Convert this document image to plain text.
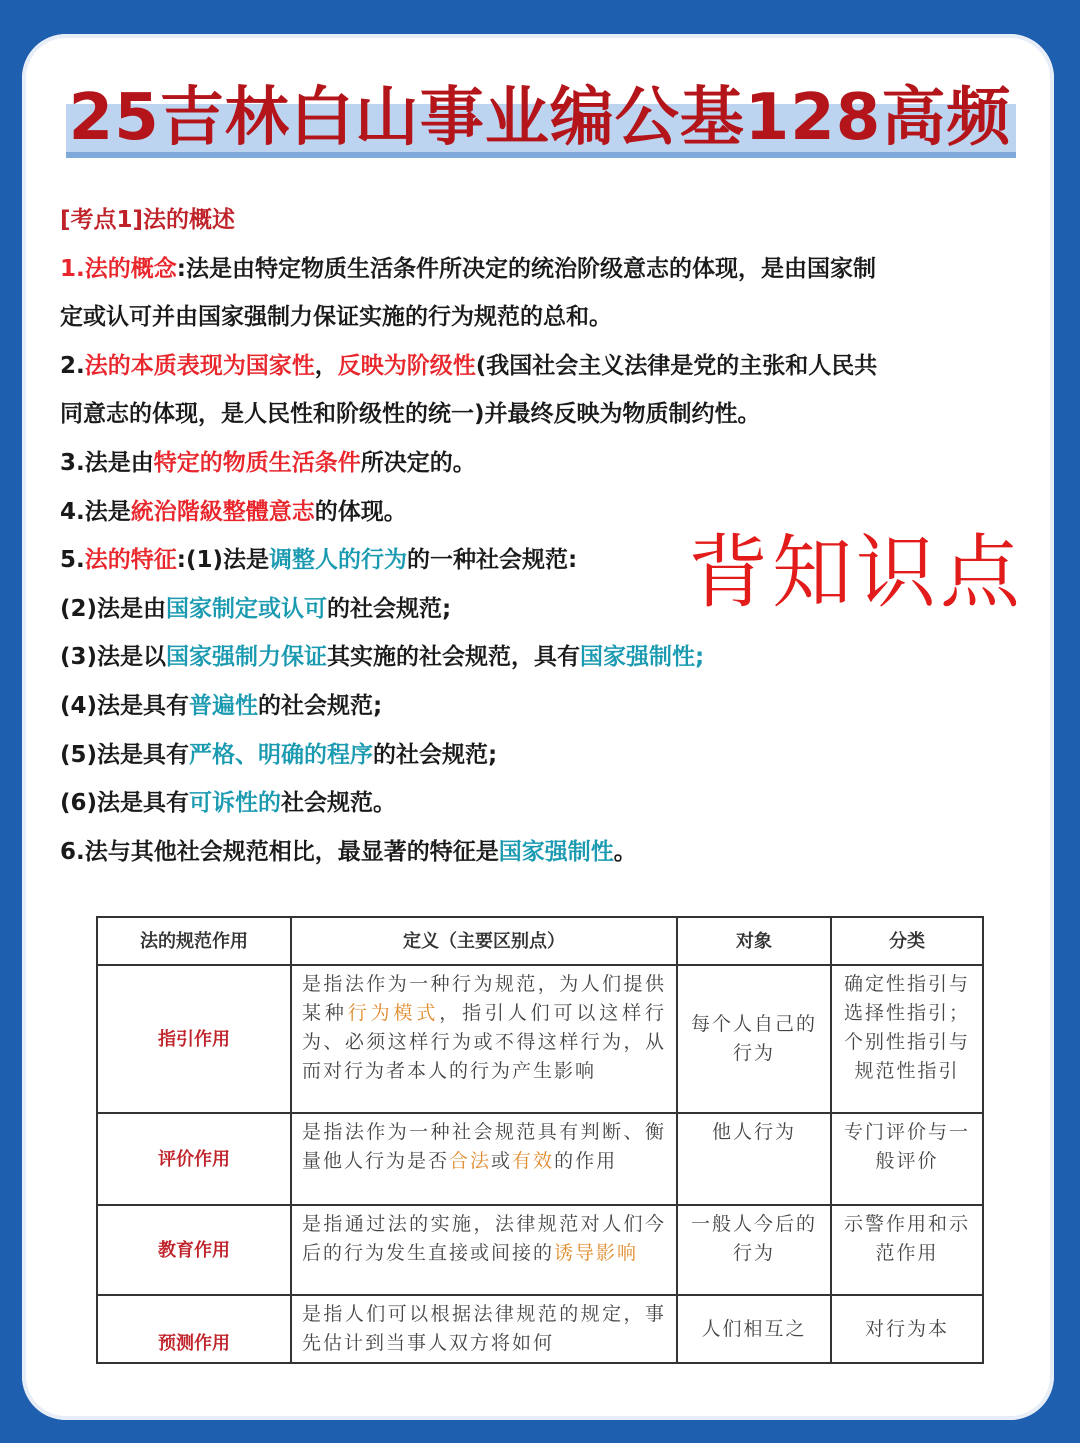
25吉林白山事业编公基128高频
[考点1]法的概述
1.法的概念:法是由特定物质生活条件所决定的统治阶级意志的体现，是由国家制
定或认可并由国家强制力保证实施的行为规范的总和。
2.法的本质表现为国家性，反映为阶级性(我国社会主义法律是党的主张和人民共
同意志的体现，是人民性和阶级性的统一)并最终反映为物质制约性。
3.法是由特定的物质生活条件所决定的。
4.法是統治階級整體意志的体现。
5.法的特征:(1)法是调整人的行为的一种社会规范:
(2)法是由国家制定或认可的社会规范;
(3)法是以国家强制力保证其实施的社会规范，具有国家强制性;
(4)法是具有普遍性的社会规范;
(5)法是具有严格、明确的程序的社会规范;
(6)法是具有可诉性的社会规范。
6.法与其他社会规范相比，最显著的特征是国家强制性。
背知识点
法的规范作用	定义（主要区别点）	对象	分类
指引作用	是指法作为一种行为规范，为人们提供某种行为模式，指引人们可以这样行为、必须这样行为或不得这样行为，从而对行为者本人的行为产生影响	每个人自己的行为	确定性指引与选择性指引；个别性指引与规范性指引
评价作用	是指法作为一种社会规范具有判断、衡量他人行为是否合法或有效的作用	他人行为	专门评价与一般评价
教育作用	是指通过法的实施，法律规范对人们今后的行为发生直接或间接的诱导影响	一般人今后的行为	示警作用和示范作用
预测作用	是指人们可以根据法律规范的规定，事先估计到当事人双方将如何	人们相互之	对行为本
